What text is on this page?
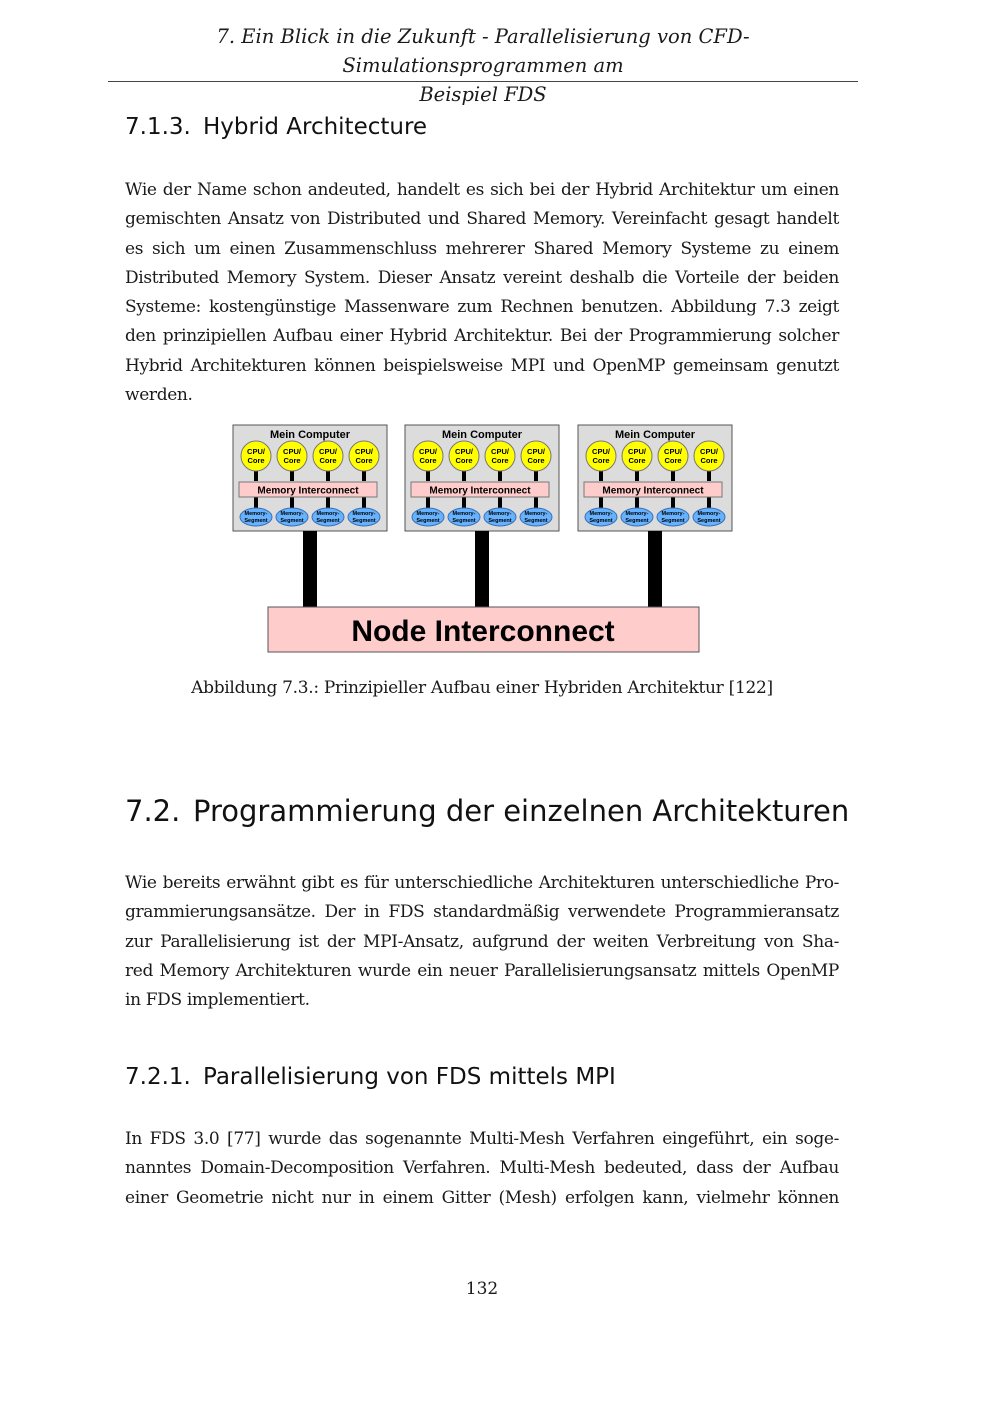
7. Ein Blick in die Zukunft - Parallelisierung von CFD-Simulationsprogrammen am
Beispiel FDS
7.1.3. Hybrid Architecture
Wie der Name schon andeuted, handelt es sich bei der Hybrid Architektur um einen
gemischten Ansatz von Distributed und Shared Memory. Vereinfacht gesagt handelt
es sich um einen Zusammenschluss mehrerer Shared Memory Systeme zu einem
Distributed Memory System. Dieser Ansatz vereint deshalb die Vorteile der beiden
Systeme: kostengünstige Massenware zum Rechnen benutzen. Abbildung 7.3 zeigt
den prinzipiellen Aufbau einer Hybrid Architektur. Bei der Programmierung solcher
Hybrid Architekturen können beispielsweise MPI und OpenMP gemeinsam genutzt
werden.
Mein Computer
CPU/
Core
Memory-
Segment
CPU/
Core
Memory-
Segment
CPU/
Core
Memory-
Segment
CPU/
Core
Memory-
Segment
Memory Interconnect
Mein Computer
CPU/
Core
Memory-
Segment
CPU/
Core
Memory-
Segment
CPU/
Core
Memory-
Segment
CPU/
Core
Memory-
Segment
Memory Interconnect
Mein Computer
CPU/
Core
Memory-
Segment
CPU/
Core
Memory-
Segment
CPU/
Core
Memory-
Segment
CPU/
Core
Memory-
Segment
Memory Interconnect
Node Interconnect
Abbildung 7.3.: Prinzipieller Aufbau einer Hybriden Architektur [122]
7.2. Programmierung der einzelnen Architekturen
Wie bereits erwähnt gibt es für unterschiedliche Architekturen unterschiedliche Pro-
grammierungsansätze. Der in FDS standardmäßig verwendete Programmieransatz
zur Parallelisierung ist der MPI-Ansatz, aufgrund der weiten Verbreitung von Sha-
red Memory Architekturen wurde ein neuer Parallelisierungsansatz mittels OpenMP
in FDS implementiert.
7.2.1. Parallelisierung von FDS mittels MPI
In FDS 3.0 [77] wurde das sogenannte Multi-Mesh Verfahren eingeführt, ein soge-
nanntes Domain-Decomposition Verfahren. Multi-Mesh bedeuted, dass der Aufbau
einer Geometrie nicht nur in einem Gitter (Mesh) erfolgen kann, vielmehr können
132
